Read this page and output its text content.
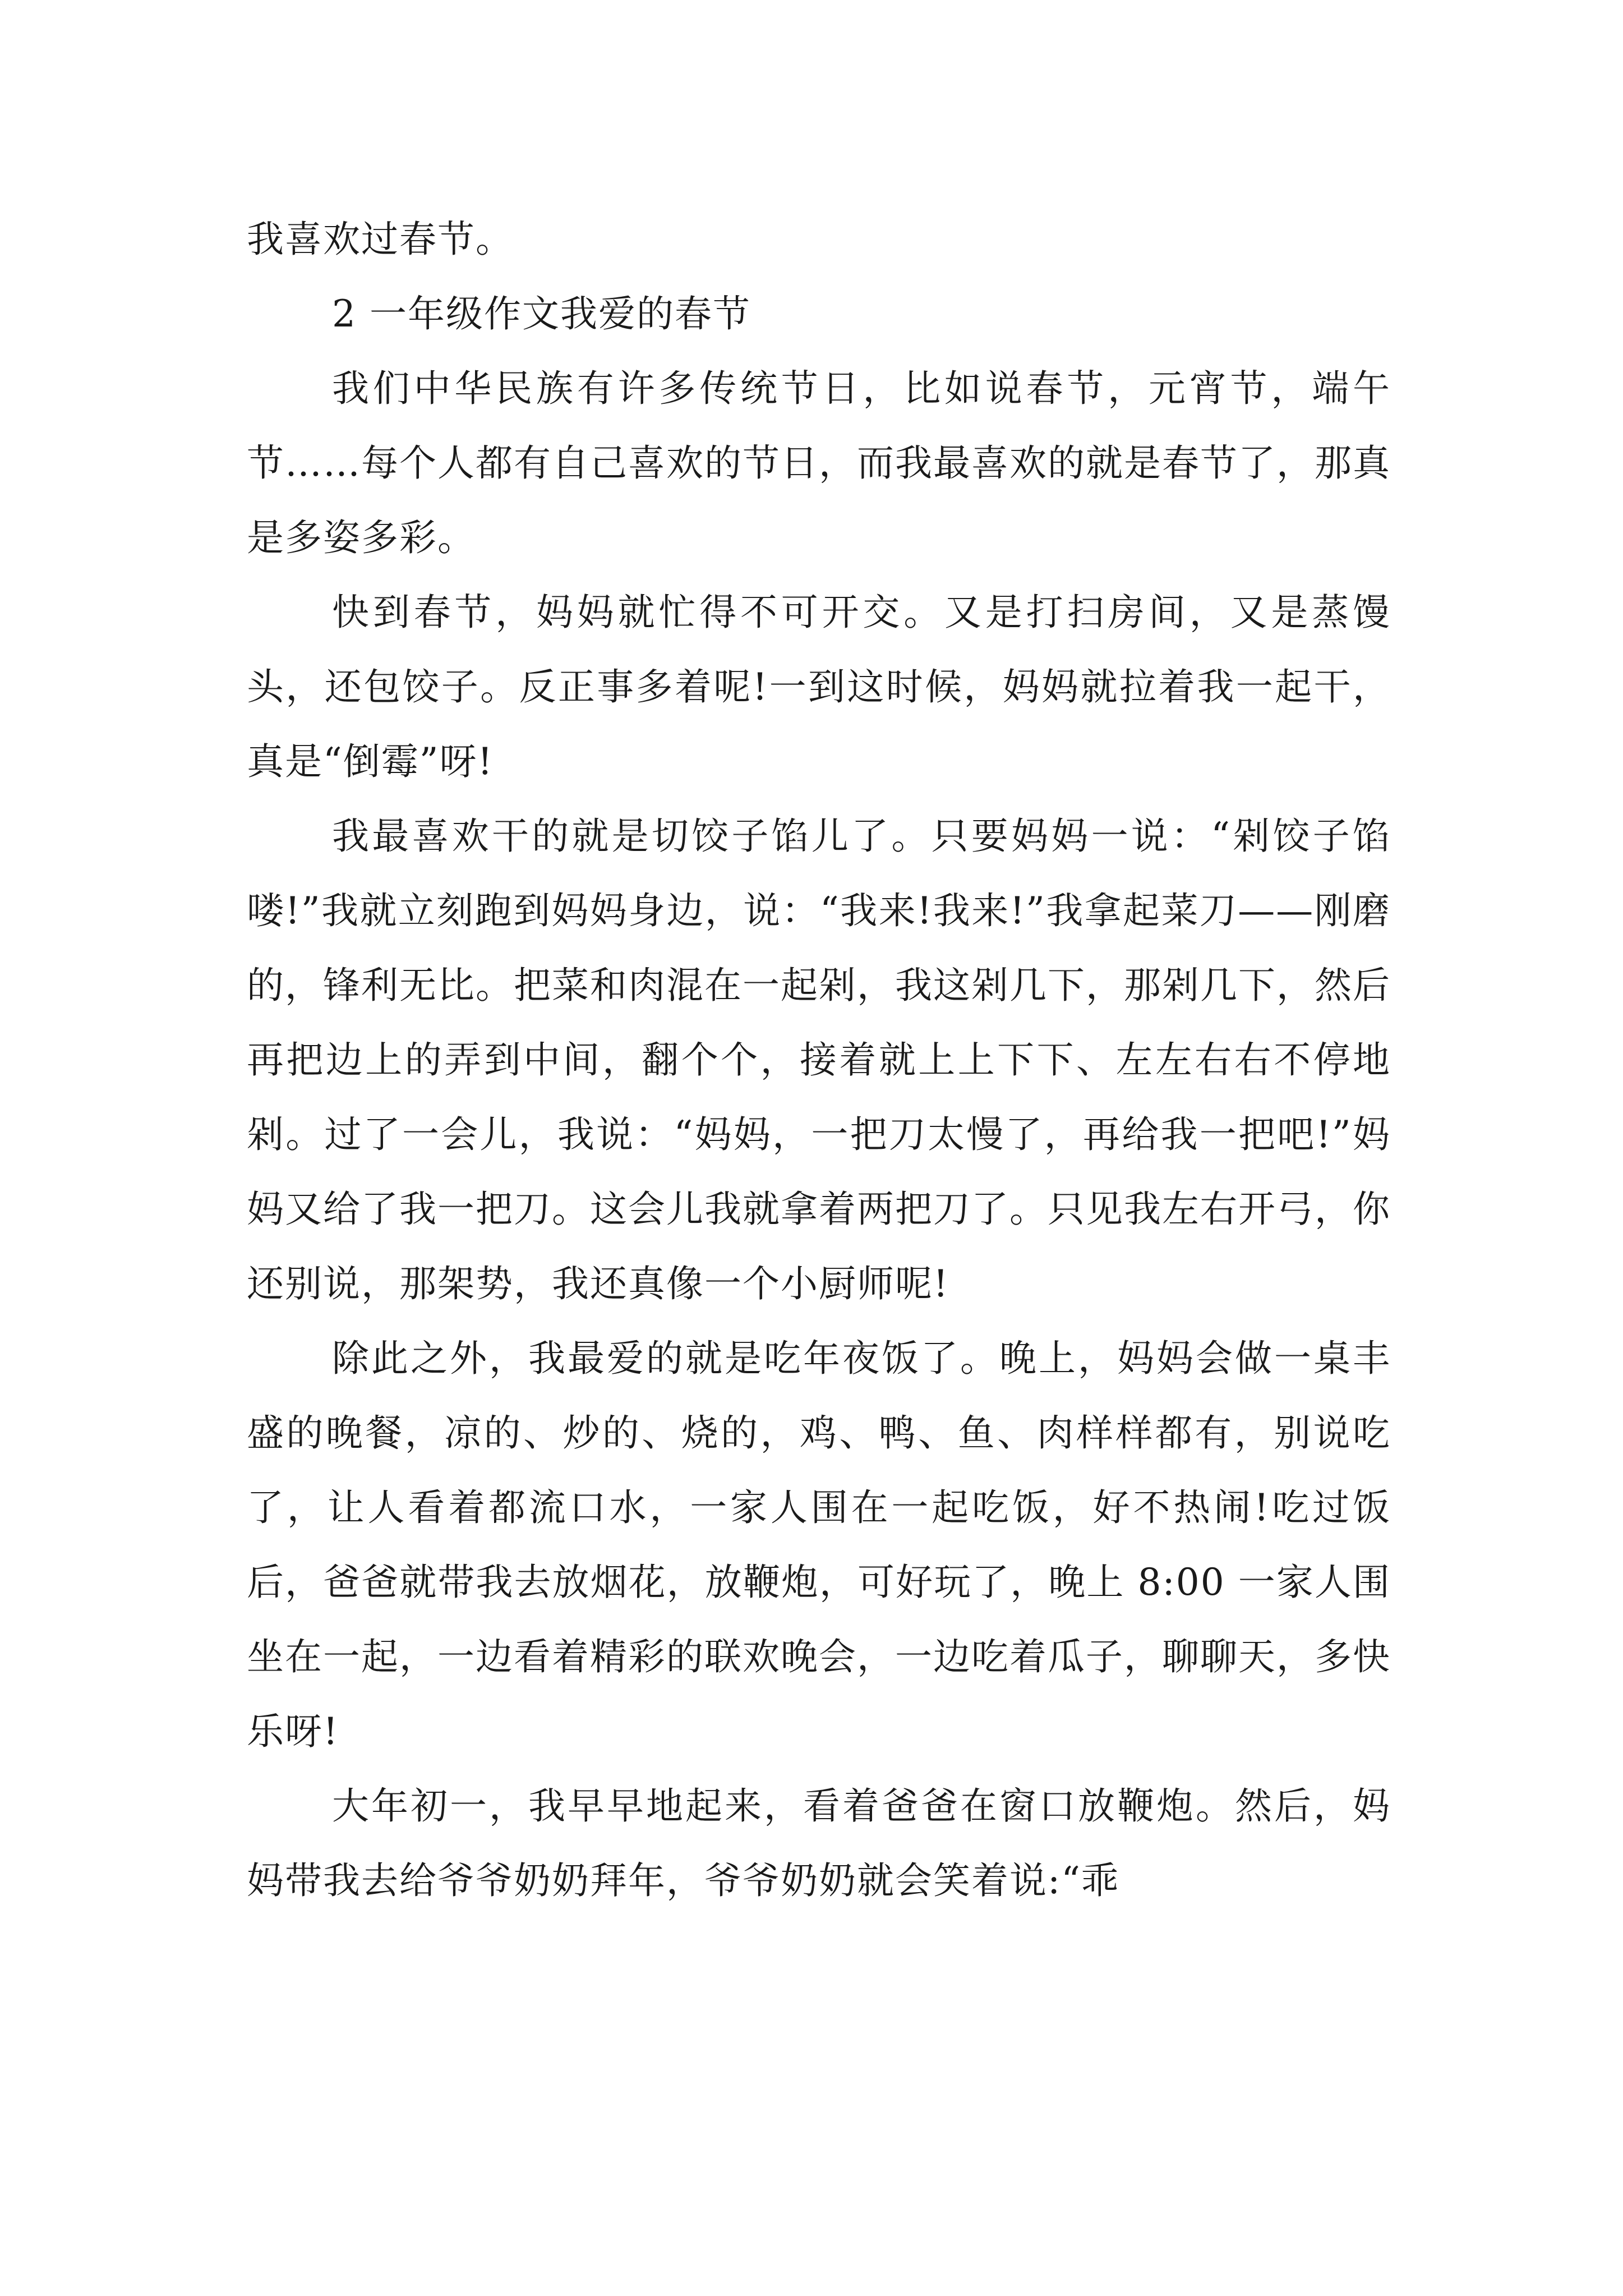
我喜欢过春节。

2 一年级作文我爱的春节

我们中华民族有许多传统节日，比如说春节，元宵节，端午节……每个人都有自己喜欢的节日，而我最喜欢的就是春节了，那真是多姿多彩。

快到春节，妈妈就忙得不可开交。又是打扫房间，又是蒸馒头，还包饺子。反正事多着呢!一到这时候，妈妈就拉着我一起干，真是“倒霉”呀!

我最喜欢干的就是切饺子馅儿了。只要妈妈一说：“剁饺子馅喽!”我就立刻跑到妈妈身边，说：“我来!我来!”我拿起菜刀——刚磨的，锋利无比。把菜和肉混在一起剁，我这剁几下，那剁几下，然后再把边上的弄到中间，翻个个，接着就上上下下、左左右右不停地剁。过了一会儿，我说：“妈妈，一把刀太慢了，再给我一把吧!”妈妈又给了我一把刀。这会儿我就拿着两把刀了。只见我左右开弓，你还别说，那架势，我还真像一个小厨师呢!

除此之外，我最爱的就是吃年夜饭了。晚上，妈妈会做一桌丰盛的晚餐，凉的、炒的、烧的，鸡、鸭、鱼、肉样样都有，别说吃了，让人看着都流口水，一家人围在一起吃饭，好不热闹!吃过饭后，爸爸就带我去放烟花，放鞭炮，可好玩了，晚上 8:00 一家人围坐在一起，一边看着精彩的联欢晚会，一边吃着瓜子，聊聊天，多快乐呀!

大年初一，我早早地起来，看着爸爸在窗口放鞭炮。然后，妈妈带我去给爷爷奶奶拜年，爷爷奶奶就会笑着说:“乖
